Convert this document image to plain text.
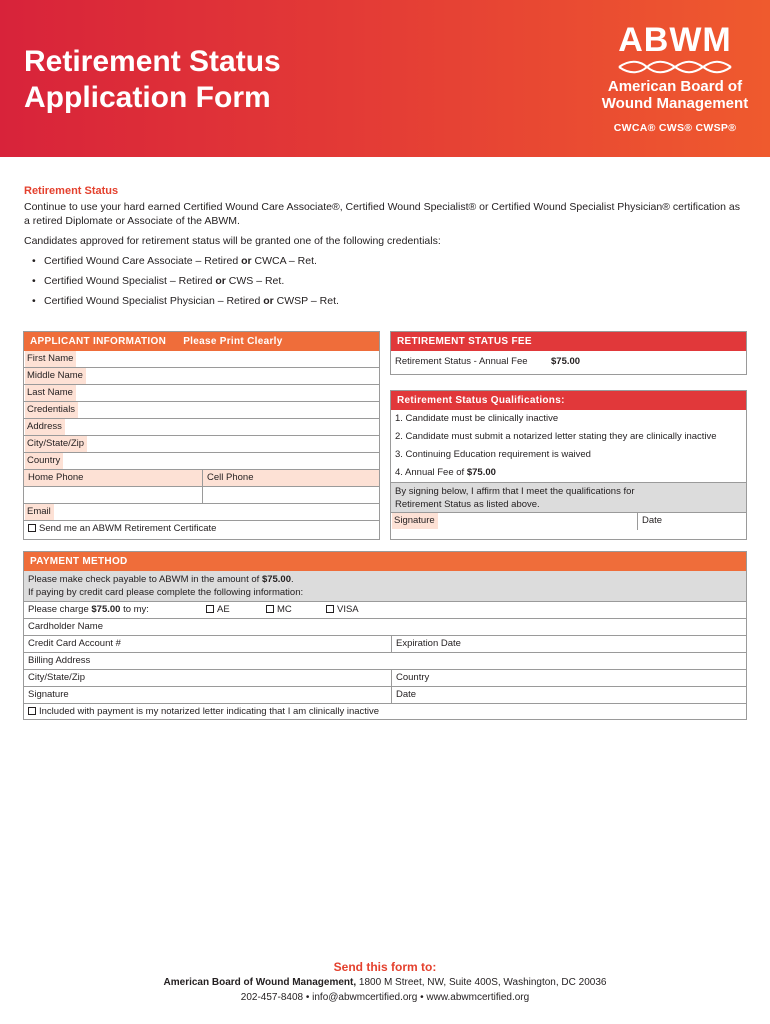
Retirement Status
Application Form
ABWM
American Board of
Wound Management
CWCA® CWS® CWSP®
Retirement Status

Continue to use your hard earned Certified Wound Care Associate®, Certified Wound Specialist® or Certified Wound Specialist Physician® certification as a retired Diplomate or Associate of the ABWM.

Candidates approved for retirement status will be granted one of the following credentials:

• Certified Wound Care Associate – Retired or CWCA – Ret.
• Certified Wound Specialist – Retired or CWS – Ret.
• Certified Wound Specialist Physician – Retired or CWSP – Ret.
APPLICANT INFORMATION Please Print Clearly
First Name
Middle Name
Last Name
Credentials
Address
City/State/Zip
Country
Home Phone	Cell Phone
Email
Send me an ABWM Retirement Certificate
RETIREMENT STATUS FEE
Retirement Status - Annual Fee $75.00
Retirement Status Qualifications:
1. Candidate must be clinically inactive
2. Candidate must submit a notarized letter stating they are clinically inactive
3. Continuing Education requirement is waived
4. Annual Fee of $75.00
By signing below, I affirm that I meet the qualifications for
Retirement Status as listed above.
Signature	Date
PAYMENT METHOD
Please make check payable to ABWM in the amount of $75.00.
If paying by credit card please complete the following information:
Please charge $75.00 to my:	AE	MC	VISA
Cardholder Name
Credit Card Account #	Expiration Date
Billing Address
City/State/Zip	Country
Signature	Date
Included with payment is my notarized letter indicating that I am clinically inactive
Send this form to:
American Board of Wound Management, 1800 M Street, NW, Suite 400S, Washington, DC 20036
202-457-8408 • info@abwmcertified.org • www.abwmcertified.org
